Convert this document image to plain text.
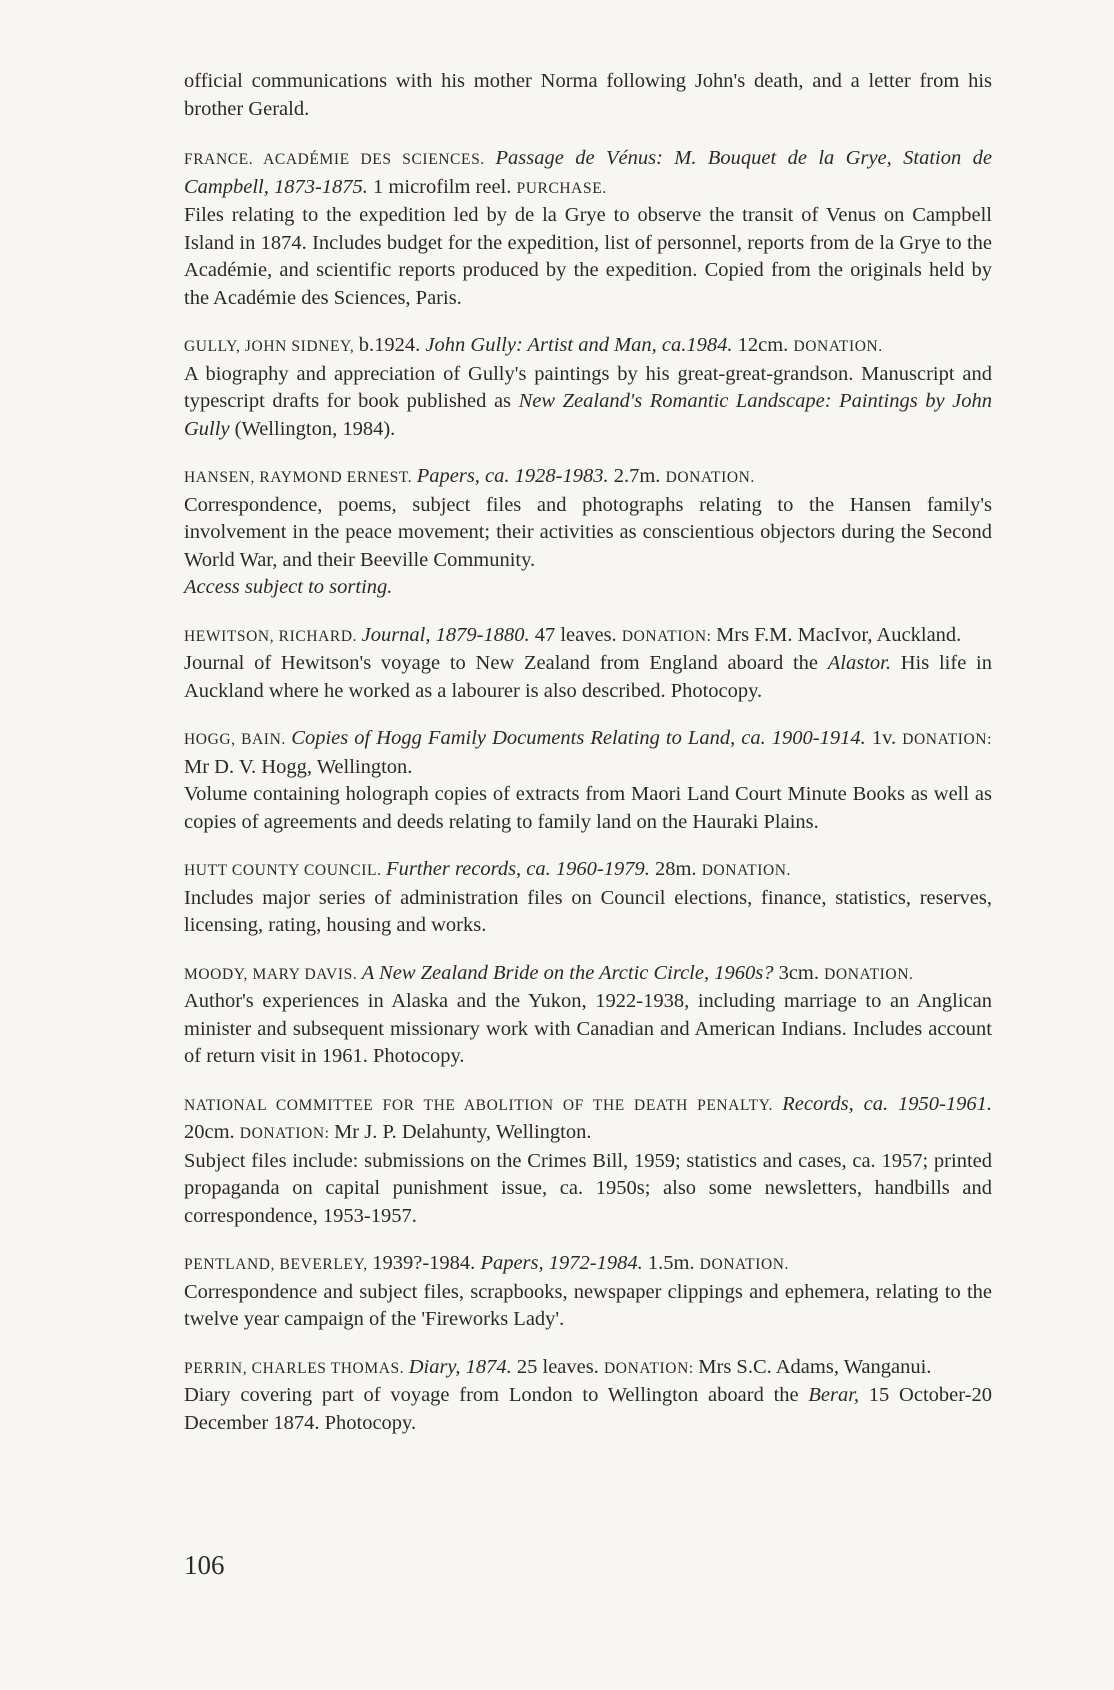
official communications with his mother Norma following John's death, and a letter from his brother Gerald.

FRANCE. ACADÉMIE DES SCIENCES. Passage de Vénus: M. Bouquet de la Grye, Station de Campbell, 1873-1875. 1 microfilm reel. PURCHASE.

Files relating to the expedition led by de la Grye to observe the transit of Venus on Campbell Island in 1874. Includes budget for the expedition, list of personnel, reports from de la Grye to the Académie, and scientific reports produced by the expedition. Copied from the originals held by the Académie des Sciences, Paris.

GULLY, JOHN SIDNEY, b.1924. John Gully: Artist and Man, ca.1984. 12cm. DONATION.

A biography and appreciation of Gully's paintings by his great-great-grandson. Manuscript and typescript drafts for book published as New Zealand's Romantic Landscape: Paintings by John Gully (Wellington, 1984).

HANSEN, RAYMOND ERNEST. Papers, ca. 1928-1983. 2.7m. DONATION.

Correspondence, poems, subject files and photographs relating to the Hansen family's involvement in the peace movement; their activities as conscientious objectors during the Second World War, and their Beeville Community.

Access subject to sorting.

HEWITSON, RICHARD. Journal, 1879-1880. 47 leaves. DONATION: Mrs F.M. MacIvor, Auckland.

Journal of Hewitson's voyage to New Zealand from England aboard the Alastor. His life in Auckland where he worked as a labourer is also described. Photocopy.

HOGG, BAIN. Copies of Hogg Family Documents Relating to Land, ca. 1900-1914. 1v. DONATION: Mr D. V. Hogg, Wellington.

Volume containing holograph copies of extracts from Maori Land Court Minute Books as well as copies of agreements and deeds relating to family land on the Hauraki Plains.

HUTT COUNTY COUNCIL. Further records, ca. 1960-1979. 28m. DONATION.

Includes major series of administration files on Council elections, finance, statistics, reserves, licensing, rating, housing and works.

MOODY, MARY DAVIS. A New Zealand Bride on the Arctic Circle, 1960s? 3cm. DONATION.

Author's experiences in Alaska and the Yukon, 1922-1938, including marriage to an Anglican minister and subsequent missionary work with Canadian and American Indians. Includes account of return visit in 1961. Photocopy.

NATIONAL COMMITTEE FOR THE ABOLITION OF THE DEATH PENALTY. Records, ca. 1950-1961. 20cm. DONATION: Mr J. P. Delahunty, Wellington.

Subject files include: submissions on the Crimes Bill, 1959; statistics and cases, ca. 1957; printed propaganda on capital punishment issue, ca. 1950s; also some newsletters, handbills and correspondence, 1953-1957.

PENTLAND, BEVERLEY, 1939?-1984. Papers, 1972-1984. 1.5m. DONATION.

Correspondence and subject files, scrapbooks, newspaper clippings and ephemera, relating to the twelve year campaign of the 'Fireworks Lady'.

PERRIN, CHARLES THOMAS. Diary, 1874. 25 leaves. DONATION: Mrs S.C. Adams, Wanganui.

Diary covering part of voyage from London to Wellington aboard the Berar, 15 October-20 December 1874. Photocopy.

106
